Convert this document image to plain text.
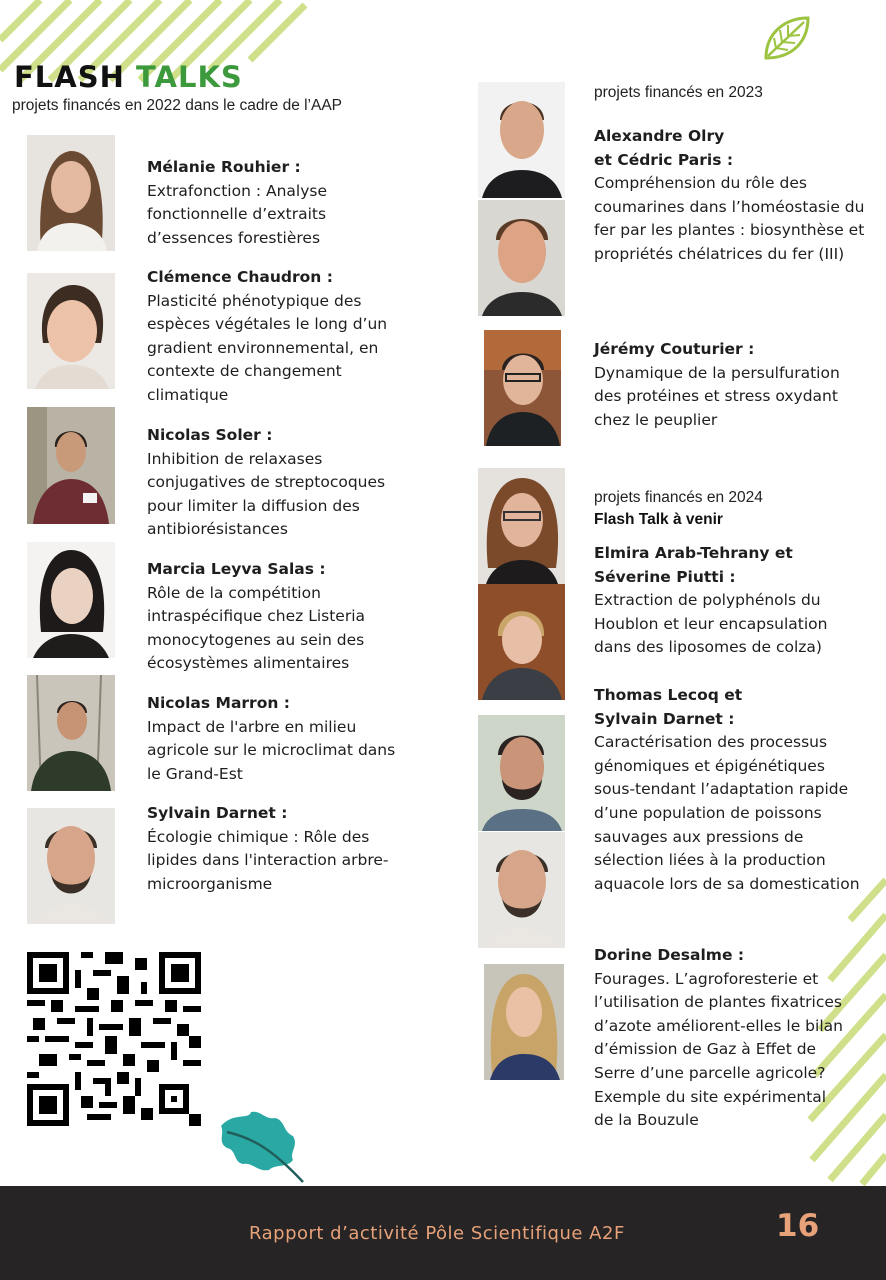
FLASH TALKS
projets financés en 2022 dans le cadre de l’AAP
Mélanie Rouhier :
Extrafonction : Analyse fonctionnelle d’extraits d’essences forestières
Clémence Chaudron :
Plasticité phénotypique des espèces végétales le long d’un gradient environnemental, en contexte de changement climatique
Nicolas Soler :
Inhibition de relaxases conjugatives de streptocoques pour limiter la diffusion des antibiorésistances
Marcia Leyva Salas :
Rôle de la compétition intraspécifique chez Listeria monocytogenes au sein des écosystèmes alimentaires
Nicolas Marron :
Impact de l'arbre en milieu agricole sur le microclimat dans le Grand-Est
Sylvain Darnet :
Écologie chimique : Rôle des lipides dans l'interaction arbre-microorganisme
projets financés en 2023
Alexandre Olry et Cédric Paris :
Compréhension du rôle des coumarines dans l’homéostasie du fer par les plantes : biosynthèse et propriétés chélatrices du fer (III)
Jérémy Couturier :
Dynamique de la persulfuration des protéines et stress oxydant chez le peuplier
projets financés en 2024
Flash Talk à venir
Elmira Arab-Tehrany et Séverine Piutti :
Extraction de polyphénols du Houblon et leur encapsulation dans des liposomes de colza)
Thomas Lecoq et Sylvain Darnet :
Caractérisation des processus génomiques et épigénétiques sous-tendant l’adaptation rapide d’une population de poissons sauvages aux pressions de sélection liées à la production aquacole lors de sa domestication
Dorine Desalme :
Fourages. L’agroforesterie et l’utilisation de plantes fixatrices d’azote améliorent-elles le bilan d’émission de Gaz à Effet de Serre d’une parcelle agricole? Exemple du site expérimental de la Bouzule
Rapport d’activité Pôle Scientifique A2F	16
